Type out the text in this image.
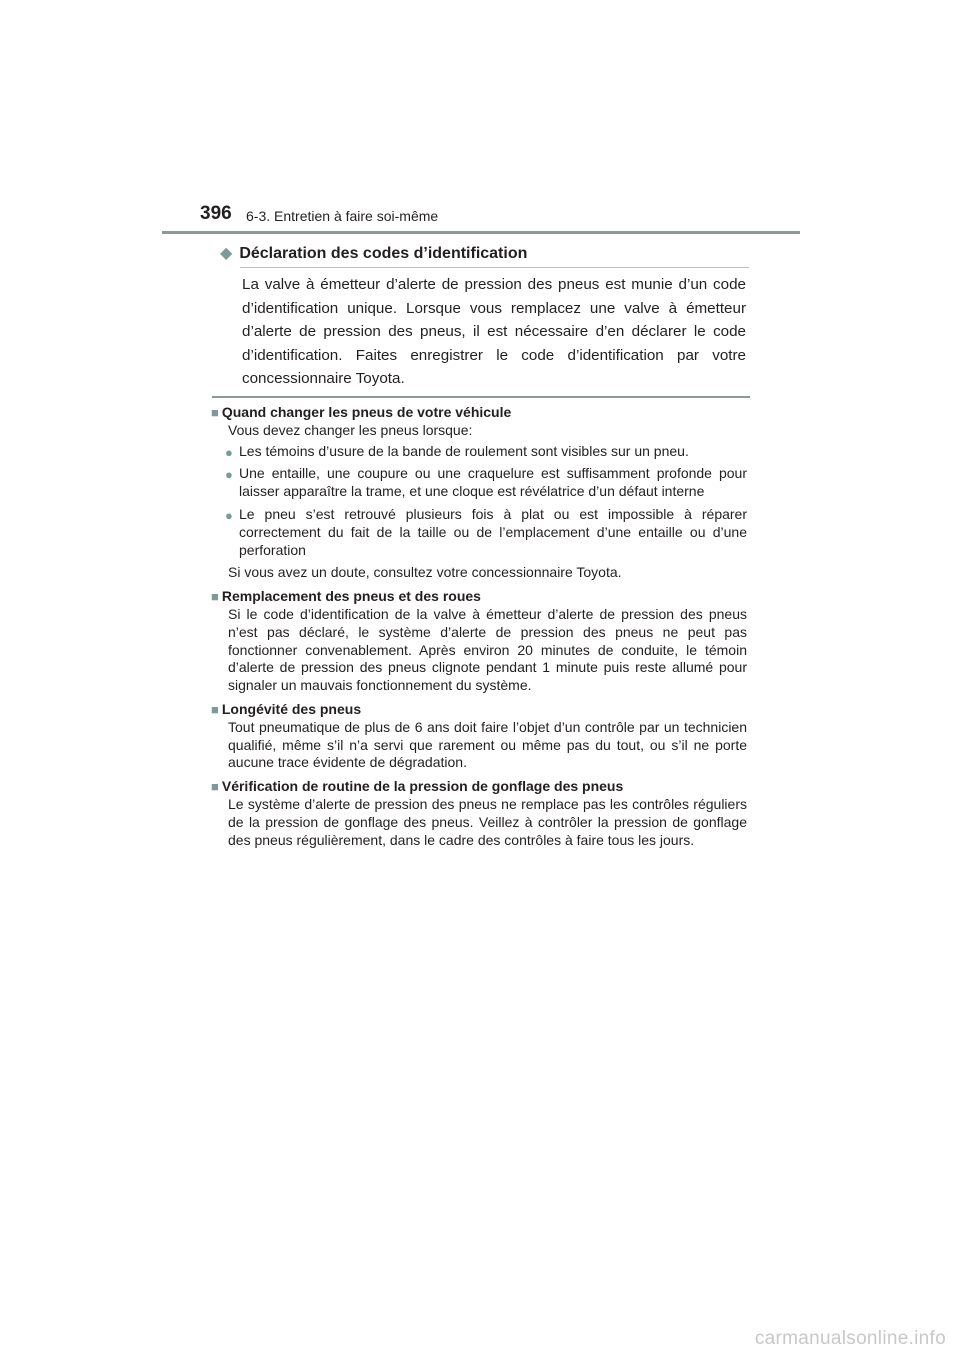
396 6-3. Entretien à faire soi-même
◆ Déclaration des codes d’identification
La valve à émetteur d’alerte de pression des pneus est munie d’un code d’identification unique. Lorsque vous remplacez une valve à émetteur d’alerte de pression des pneus, il est nécessaire d’en déclarer le code d’identification. Faites enregistrer le code d’identification par votre concessionnaire Toyota.
■ Quand changer les pneus de votre véhicule
Vous devez changer les pneus lorsque:
● Les témoins d’usure de la bande de roulement sont visibles sur un pneu.
● Une entaille, une coupure ou une craquelure est suffisamment profonde pour laisser apparaître la trame, et une cloque est révélatrice d’un défaut interne
● Le pneu s’est retrouvé plusieurs fois à plat ou est impossible à réparer correctement du fait de la taille ou de l’emplacement d’une entaille ou d’une perforation
Si vous avez un doute, consultez votre concessionnaire Toyota.
■ Remplacement des pneus et des roues
Si le code d’identification de la valve à émetteur d’alerte de pression des pneus n’est pas déclaré, le système d’alerte de pression des pneus ne peut pas fonctionner convenablement. Après environ 20 minutes de conduite, le témoin d’alerte de pression des pneus clignote pendant 1 minute puis reste allumé pour signaler un mauvais fonctionnement du système.
■ Longévité des pneus
Tout pneumatique de plus de 6 ans doit faire l’objet d’un contrôle par un technicien qualifié, même s’il n’a servi que rarement ou même pas du tout, ou s’il ne porte aucune trace évidente de dégradation.
■ Vérification de routine de la pression de gonflage des pneus
Le système d’alerte de pression des pneus ne remplace pas les contrôles réguliers de la pression de gonflage des pneus. Veillez à contrôler la pression de gonflage des pneus régulièrement, dans le cadre des contrôles à faire tous les jours.
carmanualsonline.info
